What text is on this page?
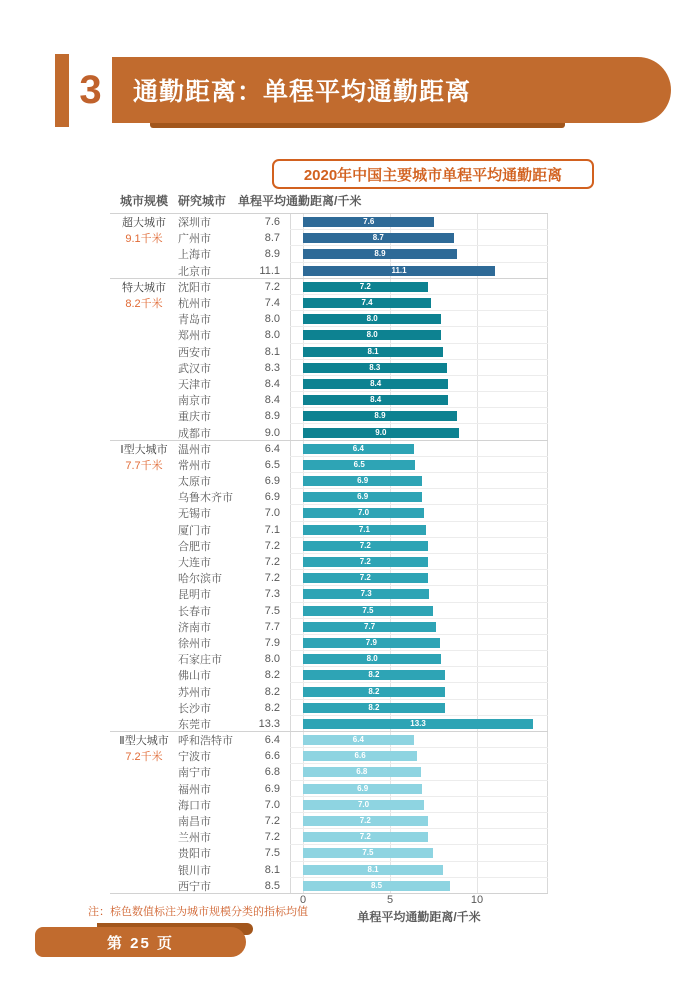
通勤距离：单程平均通勤距离
3
2020年中国主要城市单程平均通勤距离
城市规模 研究城市 单程平均通勤距离/千米
超大城市	深圳市	7.6	7.6
9.1千米	广州市	8.7	8.7
上海市	8.9	8.9
北京市	11.1	11.1
特大城市	沈阳市	7.2	7.2
8.2千米	杭州市	7.4	7.4
青岛市	8.0	8.0
郑州市	8.0	8.0
西安市	8.1	8.1
武汉市	8.3	8.3
天津市	8.4	8.4
南京市	8.4	8.4
重庆市	8.9	8.9
成都市	9.0	9.0
Ⅰ型大城市 温州市	6.4	6.4
7.7千米	常州市	6.5	6.5
太原市	6.9	6.9
乌鲁木齐市	6.9	6.9
无锡市	7.0	7.0
厦门市	7.1	7.1
合肥市	7.2	7.2
大连市	7.2	7.2
哈尔滨市	7.2	7.2
昆明市	7.3	7.3
长春市	7.5	7.5
济南市	7.7	7.7
徐州市	7.9	7.9
石家庄市	8.0	8.0
佛山市	8.2	8.2
苏州市	8.2	8.2
长沙市	8.2	8.2
东莞市	13.3	13.3
Ⅱ型大城市 呼和浩特市	6.4	6.4
7.2千米	宁波市	6.6	6.6
南宁市	6.8	6.8
福州市	6.9	6.9
海口市	7.0	7.0
南昌市	7.2	7.2
兰州市	7.2	7.2
贵阳市	7.5	7.5
银川市	8.1	8.1
西宁市	8.5	8.5
0	5	10
单程平均通勤距离/千米
注：棕色数值标注为城市规模分类的指标均值
第 25 页
